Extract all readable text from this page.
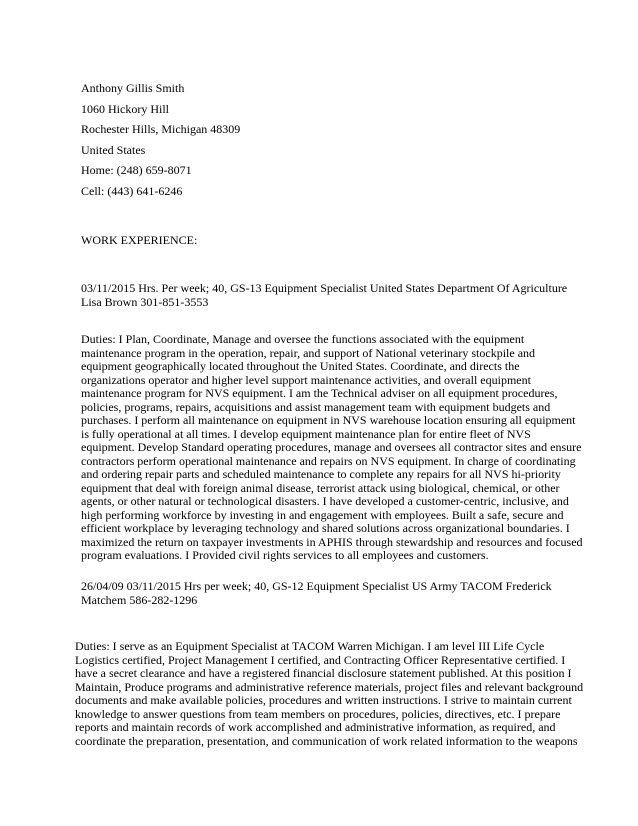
Anthony Gillis Smith
1060 Hickory Hill
Rochester Hills, Michigan 48309
United States
Home: (248) 659-8071
Cell: (443) 641-6246
WORK EXPERIENCE:
03/11/2015 Hrs. Per week; 40, GS-13 Equipment Specialist United States Department Of Agriculture
Lisa Brown 301-851-3553
Duties: I Plan, Coordinate, Manage and oversee the functions associated with the equipment
maintenance program in the operation, repair, and support of National veterinary stockpile and
equipment geographically located throughout the United States. Coordinate, and directs the
organizations operator and higher level support maintenance activities, and overall equipment
maintenance program for NVS equipment. I am the Technical adviser on all equipment procedures,
policies, programs, repairs, acquisitions and assist management team with equipment budgets and
purchases. I perform all maintenance on equipment in NVS warehouse location ensuring all equipment
is fully operational at all times. I develop equipment maintenance plan for entire fleet of NVS
equipment. Develop Standard operating procedures, manage and oversees all contractor sites and ensure
contractors perform operational maintenance and repairs on NVS equipment. In charge of coordinating
and ordering repair parts and scheduled maintenance to complete any repairs for all NVS hi-priority
equipment that deal with foreign animal disease, terrorist attack using biological, chemical, or other
agents, or other natural or technological disasters. I have developed a customer-centric, inclusive, and
high performing workforce by investing in and engagement with employees. Built a safe, secure and
efficient workplace by leveraging technology and shared solutions across organizational boundaries. I
maximized the return on taxpayer investments in APHIS through stewardship and resources and focused
program evaluations. I Provided civil rights services to all employees and customers.
26/04/09 03/11/2015 Hrs per week; 40, GS-12 Equipment Specialist US Army TACOM Frederick
Matchem 586-282-1296
Duties: I serve as an Equipment Specialist at TACOM Warren Michigan. I am level III Life Cycle
Logistics certified, Project Management I certified, and Contracting Officer Representative certified. I
have a secret clearance and have a registered financial disclosure statement published. At this position I
Maintain, Produce programs and administrative reference materials, project files and relevant background
documents and make available policies, procedures and written instructions. I strive to maintain current
knowledge to answer questions from team members on procedures, policies, directives, etc. I prepare
reports and maintain records of work accomplished and administrative information, as required, and
coordinate the preparation, presentation, and communication of work related information to the weapons
